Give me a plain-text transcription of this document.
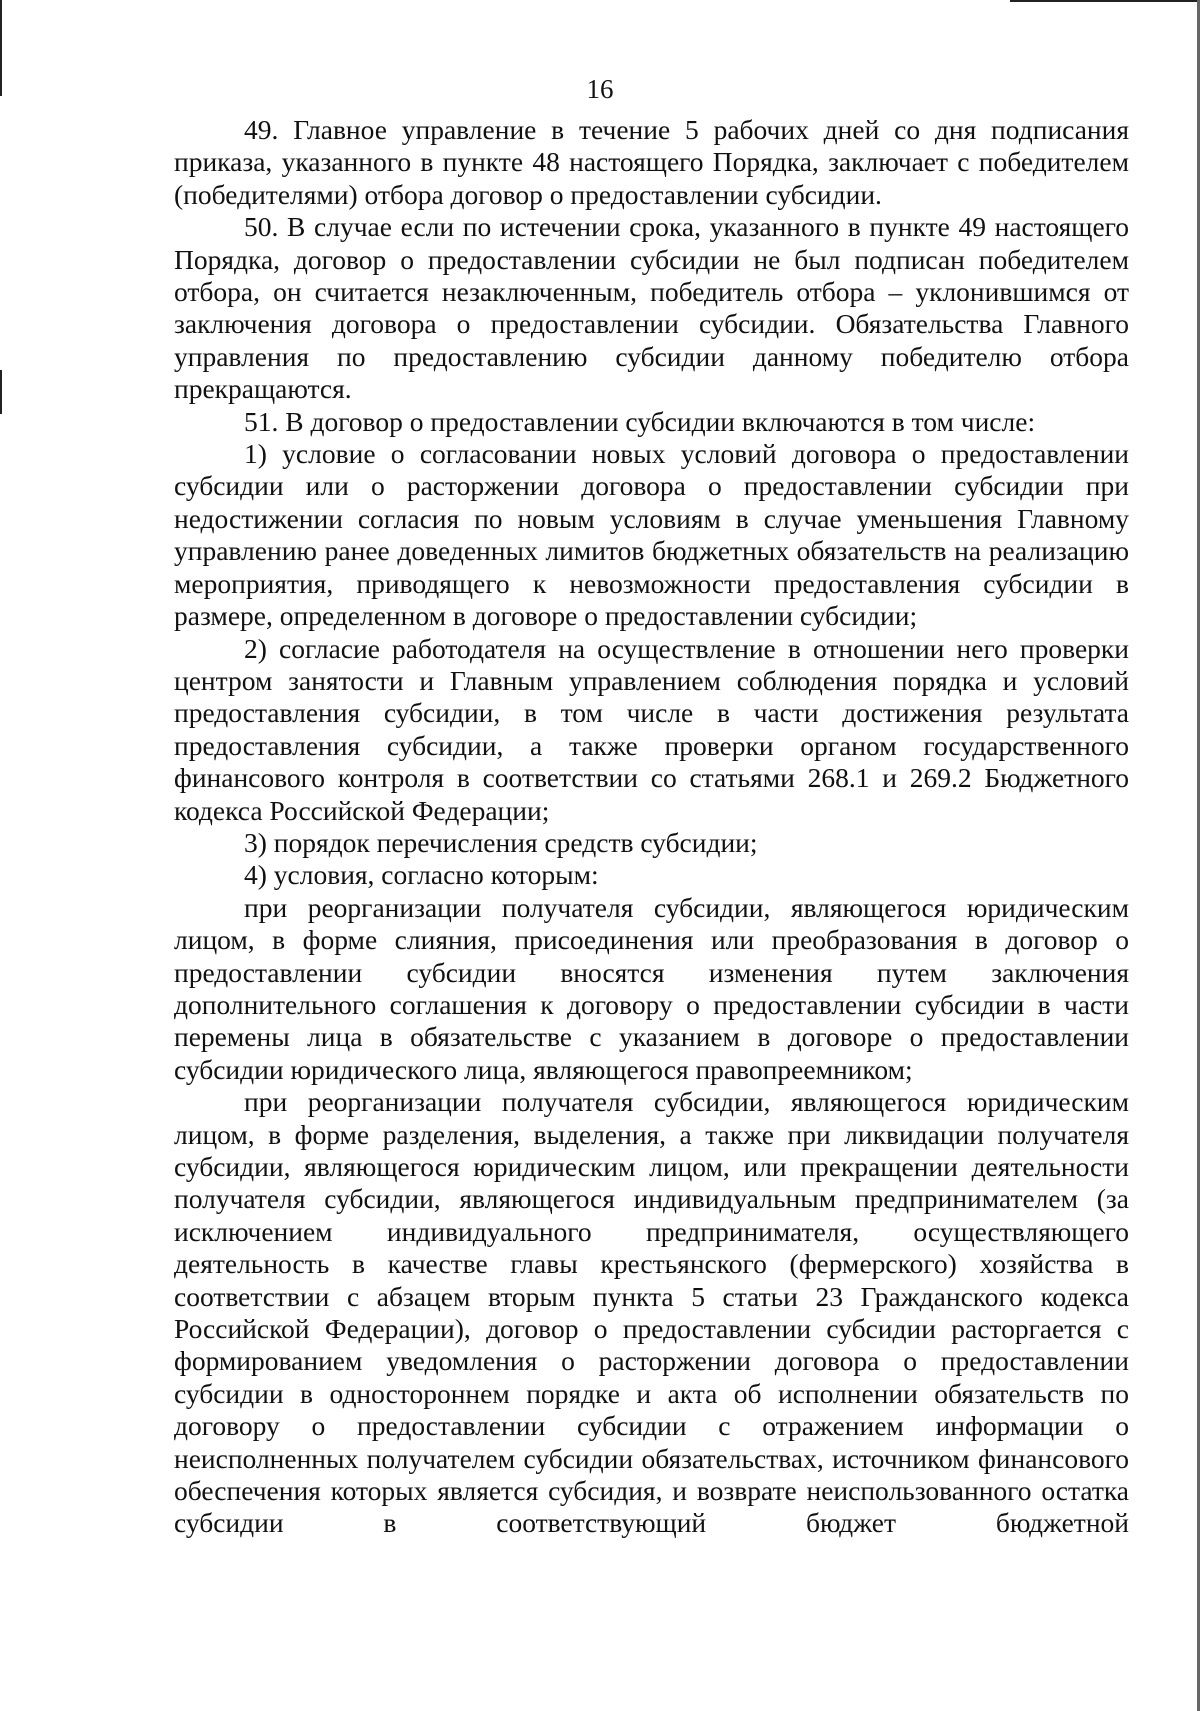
16

49. Главное управление в течение 5 рабочих дней со дня подписания приказа, указанного в пункте 48 настоящего Порядка, заключает с победителем (победителями) отбора договор о предоставлении субсидии.

50. В случае если по истечении срока, указанного в пункте 49 настоящего Порядка, договор о предоставлении субсидии не был подписан победителем отбора, он считается незаключенным, победитель отбора – уклонившимся от заключения договора о предоставлении субсидии. Обязательства Главного управления по предоставлению субсидии данному победителю отбора прекращаются.

51. В договор о предоставлении субсидии включаются в том числе:

1) условие о согласовании новых условий договора о предоставлении субсидии или о расторжении договора о предоставлении субсидии при недостижении согласия по новым условиям в случае уменьшения Главному управлению ранее доведенных лимитов бюджетных обязательств на реализацию мероприятия, приводящего к невозможности предоставления субсидии в размере, определенном в договоре о предоставлении субсидии;

2) согласие работодателя на осуществление в отношении него проверки центром занятости и Главным управлением соблюдения порядка и условий предоставления субсидии, в том числе в части достижения результата предоставления субсидии, а также проверки органом государственного финансового контроля в соответствии со статьями 268.1 и 269.2 Бюджетного кодекса Российской Федерации;

3) порядок перечисления средств субсидии;

4) условия, согласно которым:

при реорганизации получателя субсидии, являющегося юридическим лицом, в форме слияния, присоединения или преобразования в договор о предоставлении субсидии вносятся изменения путем заключения дополнительного соглашения к договору о предоставлении субсидии в части перемены лица в обязательстве с указанием в договоре о предоставлении субсидии юридического лица, являющегося правопреемником;

при реорганизации получателя субсидии, являющегося юридическим лицом, в форме разделения, выделения, а также при ликвидации получателя субсидии, являющегося юридическим лицом, или прекращении деятельности получателя субсидии, являющегося индивидуальным предпринимателем (за исключением индивидуального предпринимателя, осуществляющего деятельность в качестве главы крестьянского (фермерского) хозяйства в соответствии с абзацем вторым пункта 5 статьи 23 Гражданского кодекса Российской Федерации), договор о предоставлении субсидии расторгается с формированием уведомления о расторжении договора о предоставлении субсидии в одностороннем порядке и акта об исполнении обязательств по договору о предоставлении субсидии с отражением информации о неисполненных получателем субсидии обязательствах, источником финансового обеспечения которых является субсидия, и возврате неиспользованного остатка субсидии в соответствующий бюджет бюджетной
